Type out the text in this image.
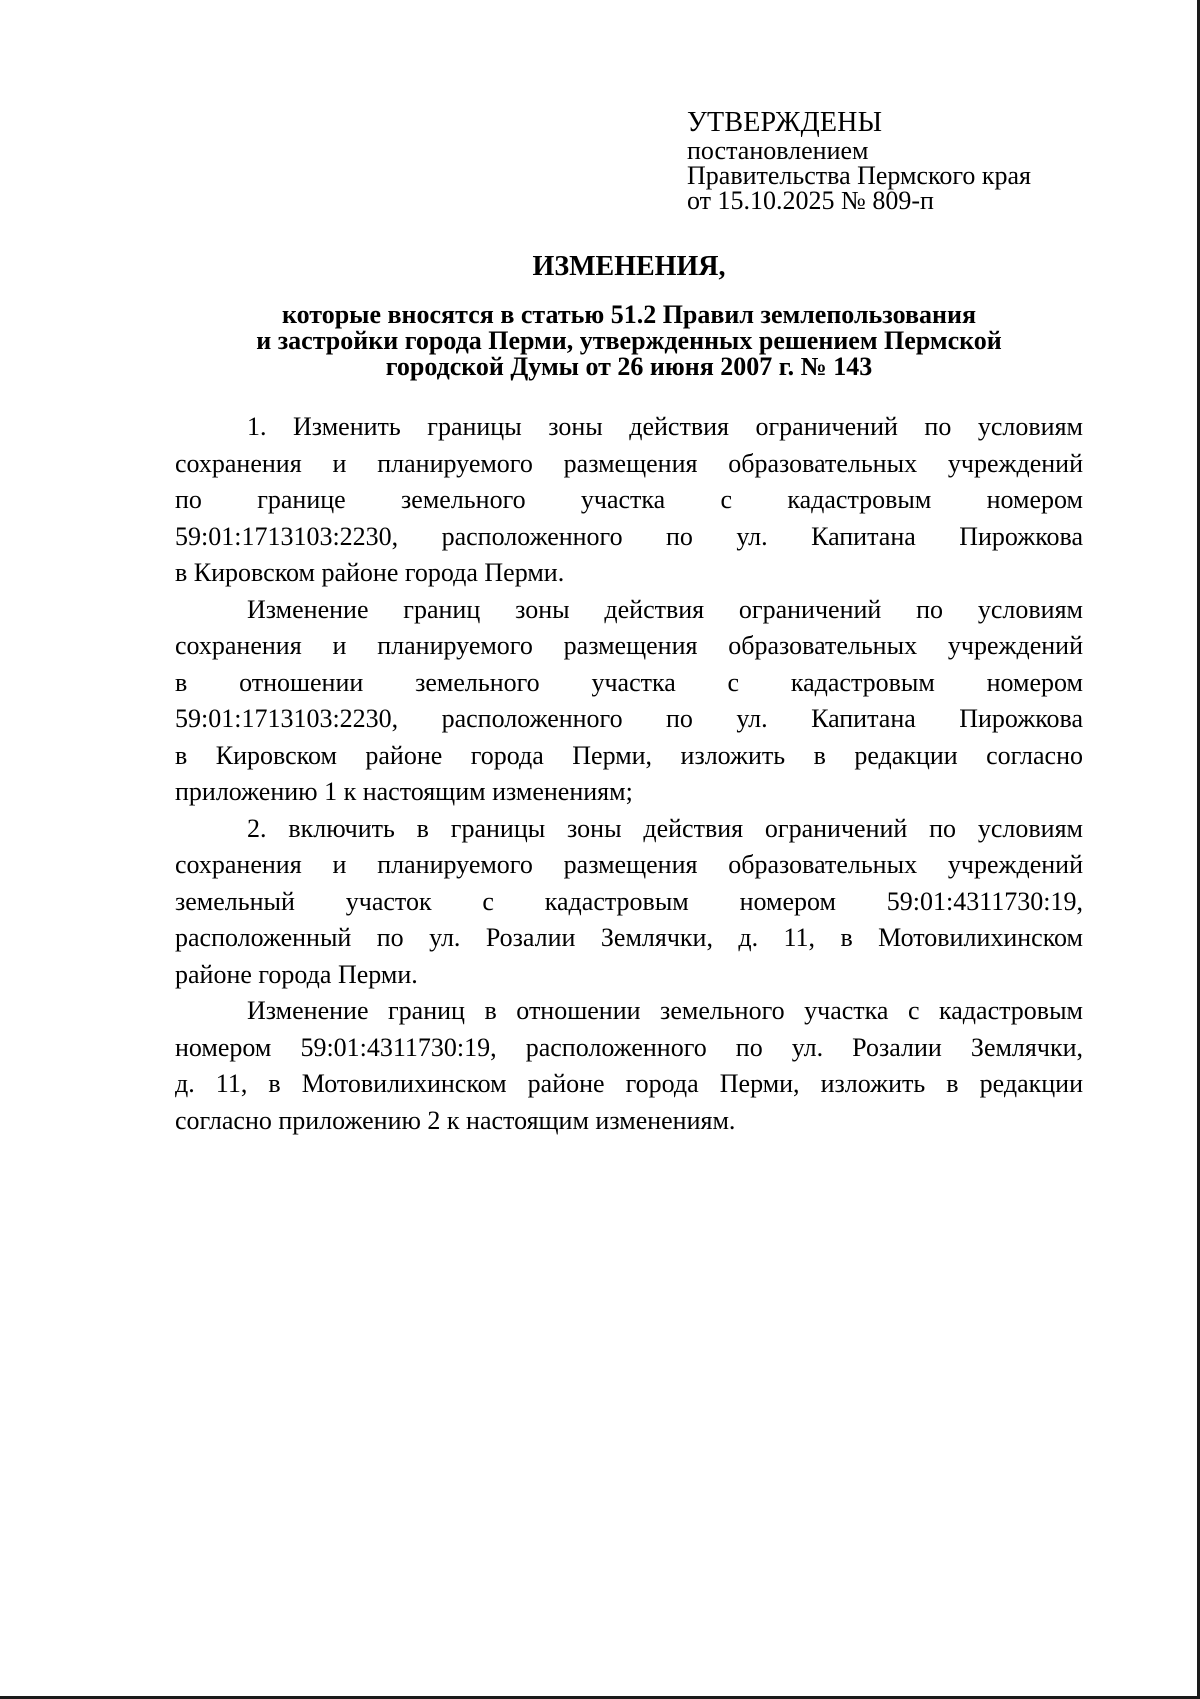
УТВЕРЖДЕНЫ
постановлением
Правительства Пермского края
от 15.10.2025 № 809-п
ИЗМЕНЕНИЯ,
которые вносятся в статью 51.2 Правил землепользования
и застройки города Перми, утвержденных решением Пермской
городской Думы от 26 июня 2007 г. № 143

1. Изменить границы зоны действия ограничений по условиям
сохранения и планируемого размещения образовательных учреждений
по границе земельного участка с кадастровым номером
59:01:1713103:2230, расположенного по ул. Капитана Пирожкова
в Кировском районе города Перми.

Изменение границ зоны действия ограничений по условиям
сохранения и планируемого размещения образовательных учреждений
в отношении земельного участка с кадастровым номером
59:01:1713103:2230, расположенного по ул. Капитана Пирожкова
в Кировском районе города Перми, изложить в редакции согласно
приложению 1 к настоящим изменениям;

2. включить в границы зоны действия ограничений по условиям
сохранения и планируемого размещения образовательных учреждений
земельный участок с кадастровым номером 59:01:4311730:19,
расположенный по ул. Розалии Землячки, д. 11, в Мотовилихинском
районе города Перми.

Изменение границ в отношении земельного участка с кадастровым
номером 59:01:4311730:19, расположенного по ул. Розалии Землячки,
д. 11, в Мотовилихинском районе города Перми, изложить в редакции
согласно приложению 2 к настоящим изменениям.
